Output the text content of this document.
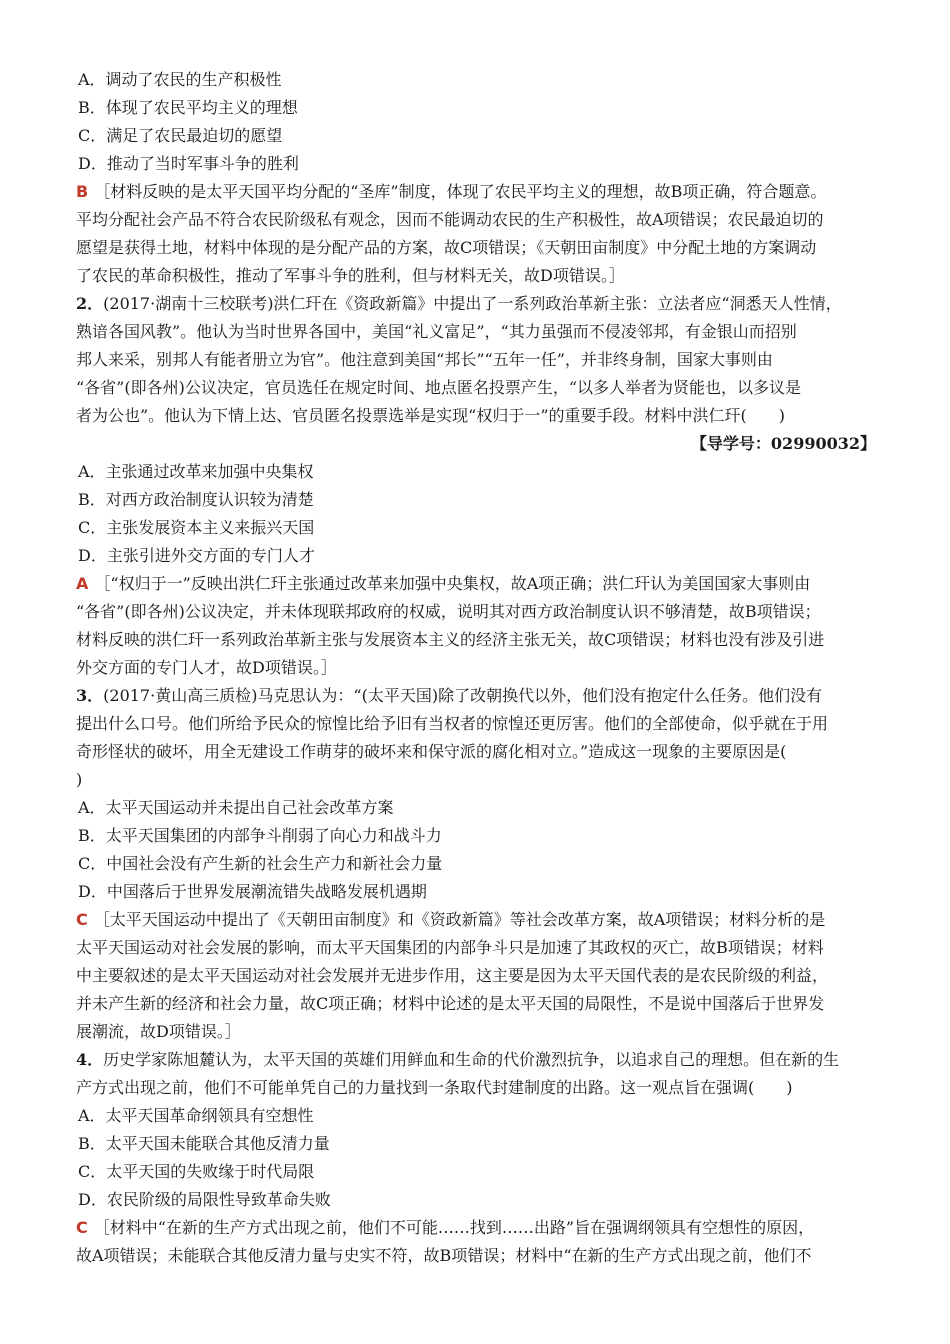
A．调动了农民的生产积极性
B．体现了农民平均主义的理想
C．满足了农民最迫切的愿望
D．推动了当时军事斗争的胜利
B ［材料反映的是太平天国平均分配的“圣库”制度，体现了农民平均主义的理想，故B项正确，符合题意。
平均分配社会产品不符合农民阶级私有观念，因而不能调动农民的生产积极性，故A项错误；农民最迫切的
愿望是获得土地，材料中体现的是分配产品的方案，故C项错误；《天朝田亩制度》中分配土地的方案调动
了农民的革命积极性，推动了军事斗争的胜利，但与材料无关，故D项错误。］
2．(2017·湖南十三校联考)洪仁玕在《资政新篇》中提出了一系列政治革新主张：立法者应“洞悉天人性情，
熟谙各国风教”。他认为当时世界各国中，美国“礼义富足”，“其力虽强而不侵凌邻邦，有金银山而招别
邦人来采，别邦人有能者册立为官”。他注意到美国“邦长”“五年一任”，并非终身制，国家大事则由
“各省”(即各州)公议决定，官员选任在规定时间、地点匿名投票产生，“以多人举者为贤能也，以多议是
者为公也”。他认为下情上达、官员匿名投票选举是实现“权归于一”的重要手段。材料中洪仁玕(　　)
【导学号：02990032】
A．主张通过改革来加强中央集权
B．对西方政治制度认识较为清楚
C．主张发展资本主义来振兴天国
D．主张引进外交方面的专门人才
A ［“权归于一”反映出洪仁玕主张通过改革来加强中央集权，故A项正确；洪仁玕认为美国国家大事则由
“各省”(即各州)公议决定，并未体现联邦政府的权威，说明其对西方政治制度认识不够清楚，故B项错误；
材料反映的洪仁玕一系列政治革新主张与发展资本主义的经济主张无关，故C项错误；材料也没有涉及引进
外交方面的专门人才，故D项错误。］
3．(2017·黄山高三质检)马克思认为：“(太平天国)除了改朝换代以外，他们没有抱定什么任务。他们没有
提出什么口号。他们所给予民众的惊惶比给予旧有当权者的惊惶还更厉害。他们的全部使命，似乎就在于用
奇形怪状的破坏，用全无建设工作萌芽的破坏来和保守派的腐化相对立。”造成这一现象的主要原因是(
)
A．太平天国运动并未提出自己社会改革方案
B．太平天国集团的内部争斗削弱了向心力和战斗力
C．中国社会没有产生新的社会生产力和新社会力量
D．中国落后于世界发展潮流错失战略发展机遇期
C ［太平天国运动中提出了《天朝田亩制度》和《资政新篇》等社会改革方案，故A项错误；材料分析的是
太平天国运动对社会发展的影响，而太平天国集团的内部争斗只是加速了其政权的灭亡，故B项错误；材料
中主要叙述的是太平天国运动对社会发展并无进步作用，这主要是因为太平天国代表的是农民阶级的利益，
并未产生新的经济和社会力量，故C项正确；材料中论述的是太平天国的局限性，不是说中国落后于世界发
展潮流，故D项错误。］
4．历史学家陈旭麓认为，太平天国的英雄们用鲜血和生命的代价激烈抗争，以追求自己的理想。但在新的生
产方式出现之前，他们不可能单凭自己的力量找到一条取代封建制度的出路。这一观点旨在强调(　　)
A．太平天国革命纲领具有空想性
B．太平天国未能联合其他反清力量
C．太平天国的失败缘于时代局限
D．农民阶级的局限性导致革命失败
C ［材料中“在新的生产方式出现之前，他们不可能……找到……出路”旨在强调纲领具有空想性的原因，
故A项错误；未能联合其他反清力量与史实不符，故B项错误；材料中“在新的生产方式出现之前，他们不
